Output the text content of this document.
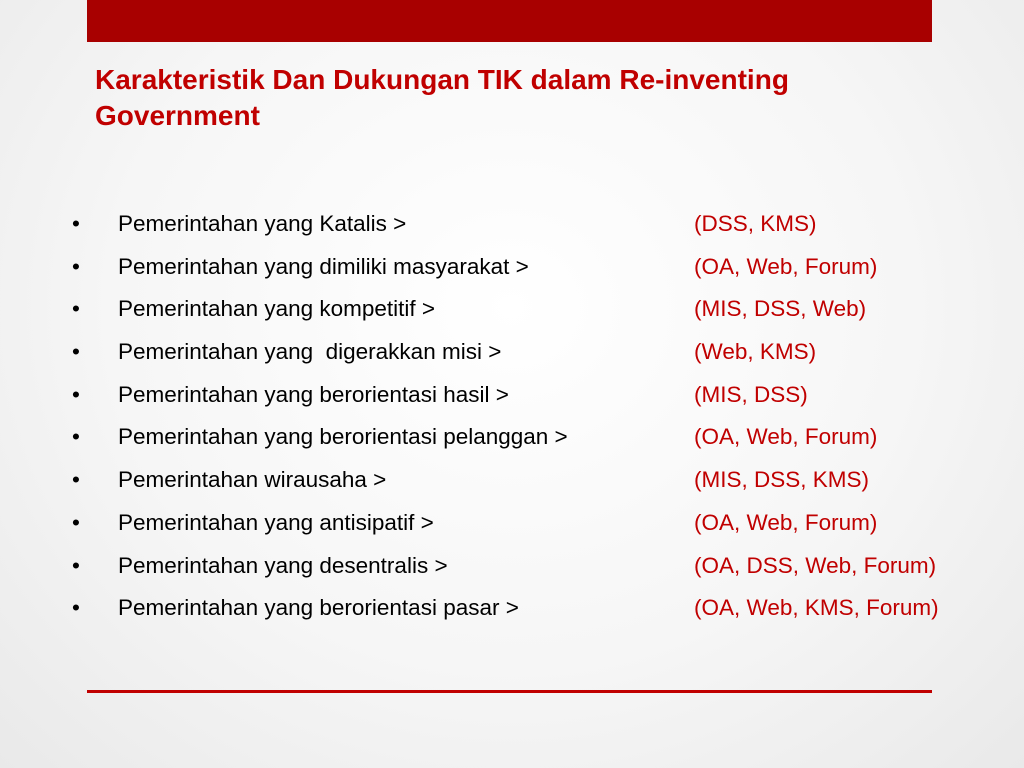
Karakteristik Dan Dukungan TIK dalam Re-inventing Government
• Pemerintahan yang Katalis >	(DSS, KMS)
• Pemerintahan yang dimiliki masyarakat >	(OA, Web, Forum)
• Pemerintahan yang kompetitif >	(MIS, DSS, Web)
• Pemerintahan yang  digerakkan misi >	(Web, KMS)
• Pemerintahan yang berorientasi hasil >	(MIS, DSS)
• Pemerintahan yang berorientasi pelanggan >	(OA, Web, Forum)
• Pemerintahan wirausaha >	(MIS, DSS, KMS)
• Pemerintahan yang antisipatif >	(OA, Web, Forum)
• Pemerintahan yang desentralis >	(OA, DSS, Web, Forum)
• Pemerintahan yang berorientasi pasar >	(OA, Web, KMS, Forum)
